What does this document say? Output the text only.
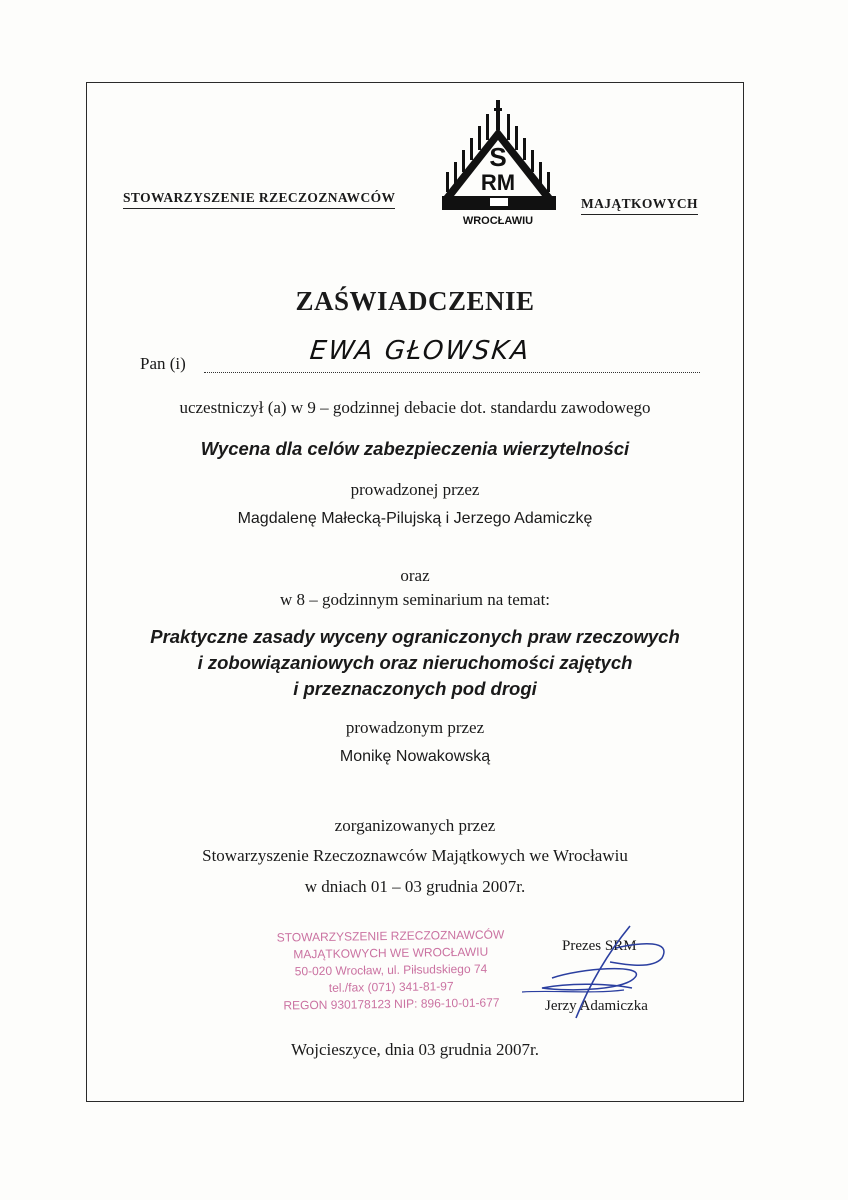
STOWARZYSZENIE RZECZOZNAWCÓW	MAJĄTKOWYCH
S
RM
WROCŁAWIU
ZAŚWIADCZENIE
Pan (i)	EWA GŁOWSKA
uczestniczył (a) w 9 – godzinnej debacie dot. standardu zawodowego
Wycena dla celów zabezpieczenia wierzytelności
prowadzonej przez
Magdalenę Małecką-Pilujską i Jerzego Adamiczkę
oraz
w 8 – godzinnym seminarium na temat:
Praktyczne zasady wyceny ograniczonych praw rzeczowych
i zobowiązaniowych oraz nieruchomości zajętych
i przeznaczonych pod drogi
prowadzonym przez
Monikę Nowakowską
zorganizowanych przez
Stowarzyszenie Rzeczoznawców Majątkowych we Wrocławiu
w dniach 01 – 03 grudnia 2007r.
STOWARZYSZENIE RZECZOZNAWCÓW
MAJĄTKOWYCH WE WROCŁAWIU
50-020 Wrocław, ul. Piłsudskiego 74
tel./fax (071) 341-81-97
REGON 930178123 NIP: 896-10-01-677
Prezes SRM
Jerzy Adamiczka
Wojcieszyce, dnia 03 grudnia 2007r.
